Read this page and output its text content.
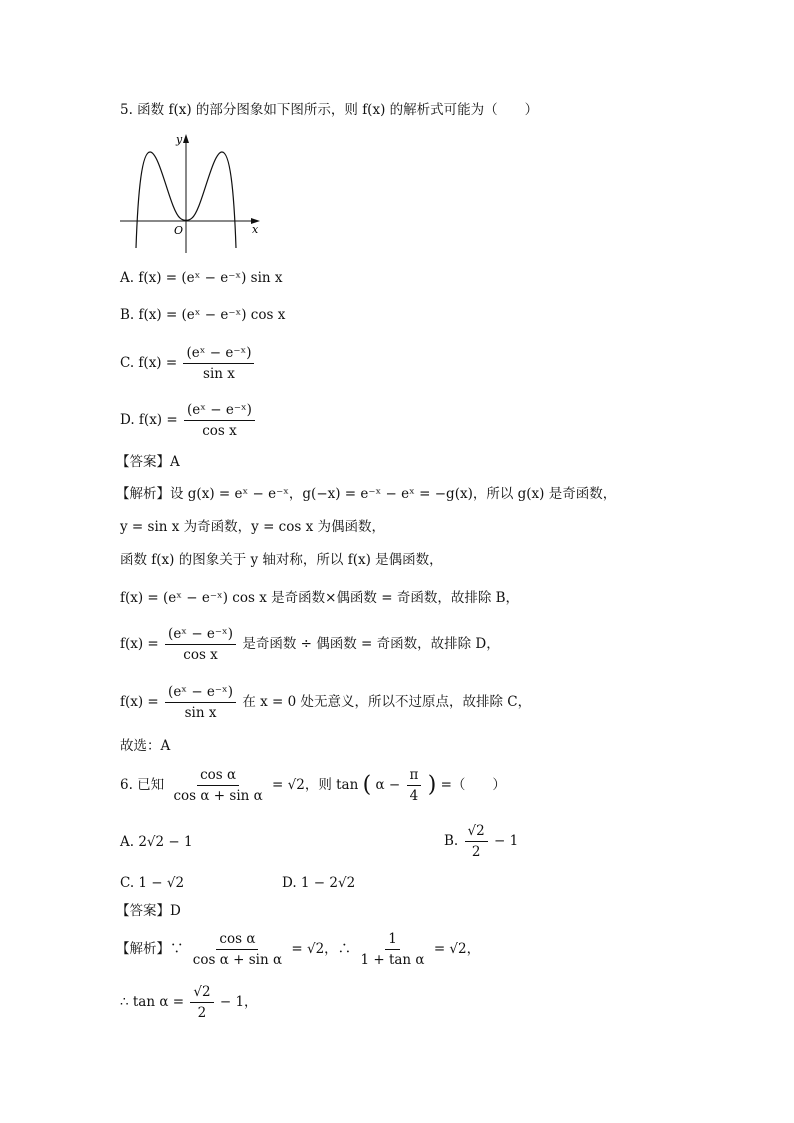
5. 函数 f(x) 的部分图象如下图所示，则 f(x) 的解析式可能为（　　）
y
x
O
A. f(x) = (eˣ − e⁻ˣ) sin x
B. f(x) = (eˣ − e⁻ˣ) cos x
C. $f(x) = \frac{\text{(eˣ − e⁻ˣ)}}{\text{sin x}}$
D. $f(x) = \frac{\text{(eˣ − e⁻ˣ)}}{\text{cos x}}$
【答案】A
【解析】设 g(x) = eˣ − e⁻ˣ，g(−x) = e⁻ˣ − eˣ = −g(x)，所以 g(x) 是奇函数，
y = sin x 为奇函数，y = cos x 为偶函数，
函数 f(x) 的图象关于 y 轴对称，所以 f(x) 是偶函数，
f(x) = (eˣ − e⁻ˣ) cos x 是奇函数×偶函数 = 奇函数，故排除 B，
$f(x) = \frac{\text{(eˣ − e⁻ˣ)}}{\text{cos x}}$ 是奇函数 ÷ 偶函数 = 奇函数，故排除 D，
$f(x) = \frac{\text{(eˣ − e⁻ˣ)}}{\text{sin x}}$ 在 x = 0 处无意义，所以不过原点，故排除 C，
故选：A
6. 已知 $\frac{\text{cos α}}{\text{cos α + sin α}} = √2$，则 tan ( $\alpha - \frac{\pi}{4}$ ) =（　　）
A. 2√2 − 1	B. $\frac{√2}{2} - 1$
C. 1 − √2	D. 1 − 2√2
【答案】D
【解析】∵ $\frac{\text{cos α}}{\text{cos α + sin α}} = √2$，∴ $\frac{1}{\text{1 + tan α}} = √2$，
∴ $\tan \alpha = \frac{√2}{2} - 1$，
